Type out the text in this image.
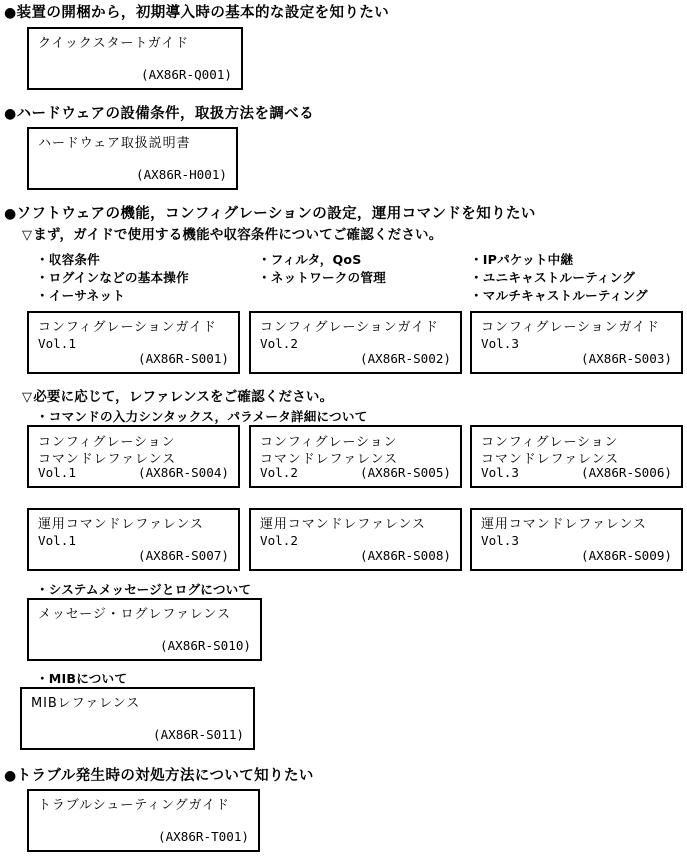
●装置の開梱から，初期導入時の基本的な設定を知りたい
クイックスタートガイド
(AX86R-Q001)
●ハードウェアの設備条件，取扱方法を調べる
ハードウェア取扱説明書
(AX86R-H001)
●ソフトウェアの機能，コンフィグレーションの設定，運用コマンドを知りたい
▽まず，ガイドで使用する機能や収容条件についてご確認ください。
・収容条件
・ログインなどの基本操作
・イーサネット
・フィルタ，QoS
・ネットワークの管理
・IPパケット中継
・ユニキャストルーティング
・マルチキャストルーティング
コンフィグレーションガイド
Vol.1
(AX86R-S001)
コンフィグレーションガイド
Vol.2
(AX86R-S002)
コンフィグレーションガイド
Vol.3
(AX86R-S003)
▽必要に応じて，レファレンスをご確認ください。
・コマンドの入力シンタックス，パラメータ詳細について
コンフィグレーション
コマンドレファレンス
Vol.1	(AX86R-S004)
コンフィグレーション
コマンドレファレンス
Vol.2	(AX86R-S005)
コンフィグレーション
コマンドレファレンス
Vol.3	(AX86R-S006)
運用コマンドレファレンス
Vol.1
(AX86R-S007)
運用コマンドレファレンス
Vol.2
(AX86R-S008)
運用コマンドレファレンス
Vol.3
(AX86R-S009)
・システムメッセージとログについて
メッセージ・ログレファレンス
(AX86R-S010)
・MIBについて
MIBレファレンス
(AX86R-S011)
●トラブル発生時の対処方法について知りたい
トラブルシューティングガイド
(AX86R-T001)
